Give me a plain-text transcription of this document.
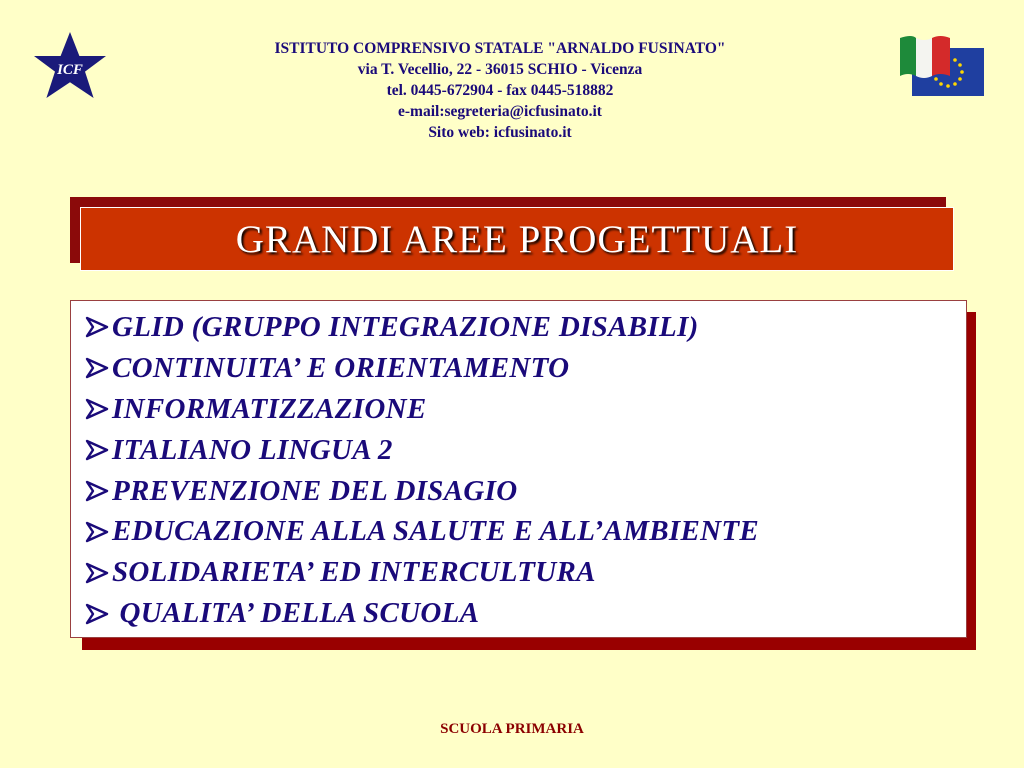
ICF
ISTITUTO COMPRENSIVO STATALE "ARNALDO FUSINATO"
via T. Vecellio, 22 - 36015 SCHIO - Vicenza
tel. 0445-672904 - fax 0445-518882
e-mail:segreteria@icfusinato.it
Sito web: icfusinato.it
GRANDI AREE PROGETTUALI
GLID (GRUPPO INTEGRAZIONE DISABILI)
CONTINUITA’ E ORIENTAMENTO
INFORMATIZZAZIONE
ITALIANO LINGUA 2
PREVENZIONE DEL DISAGIO
EDUCAZIONE ALLA SALUTE E ALL’AMBIENTE
SOLIDARIETA’ ED INTERCULTURA
QUALITA’ DELLA SCUOLA
SCUOLA PRIMARIA
